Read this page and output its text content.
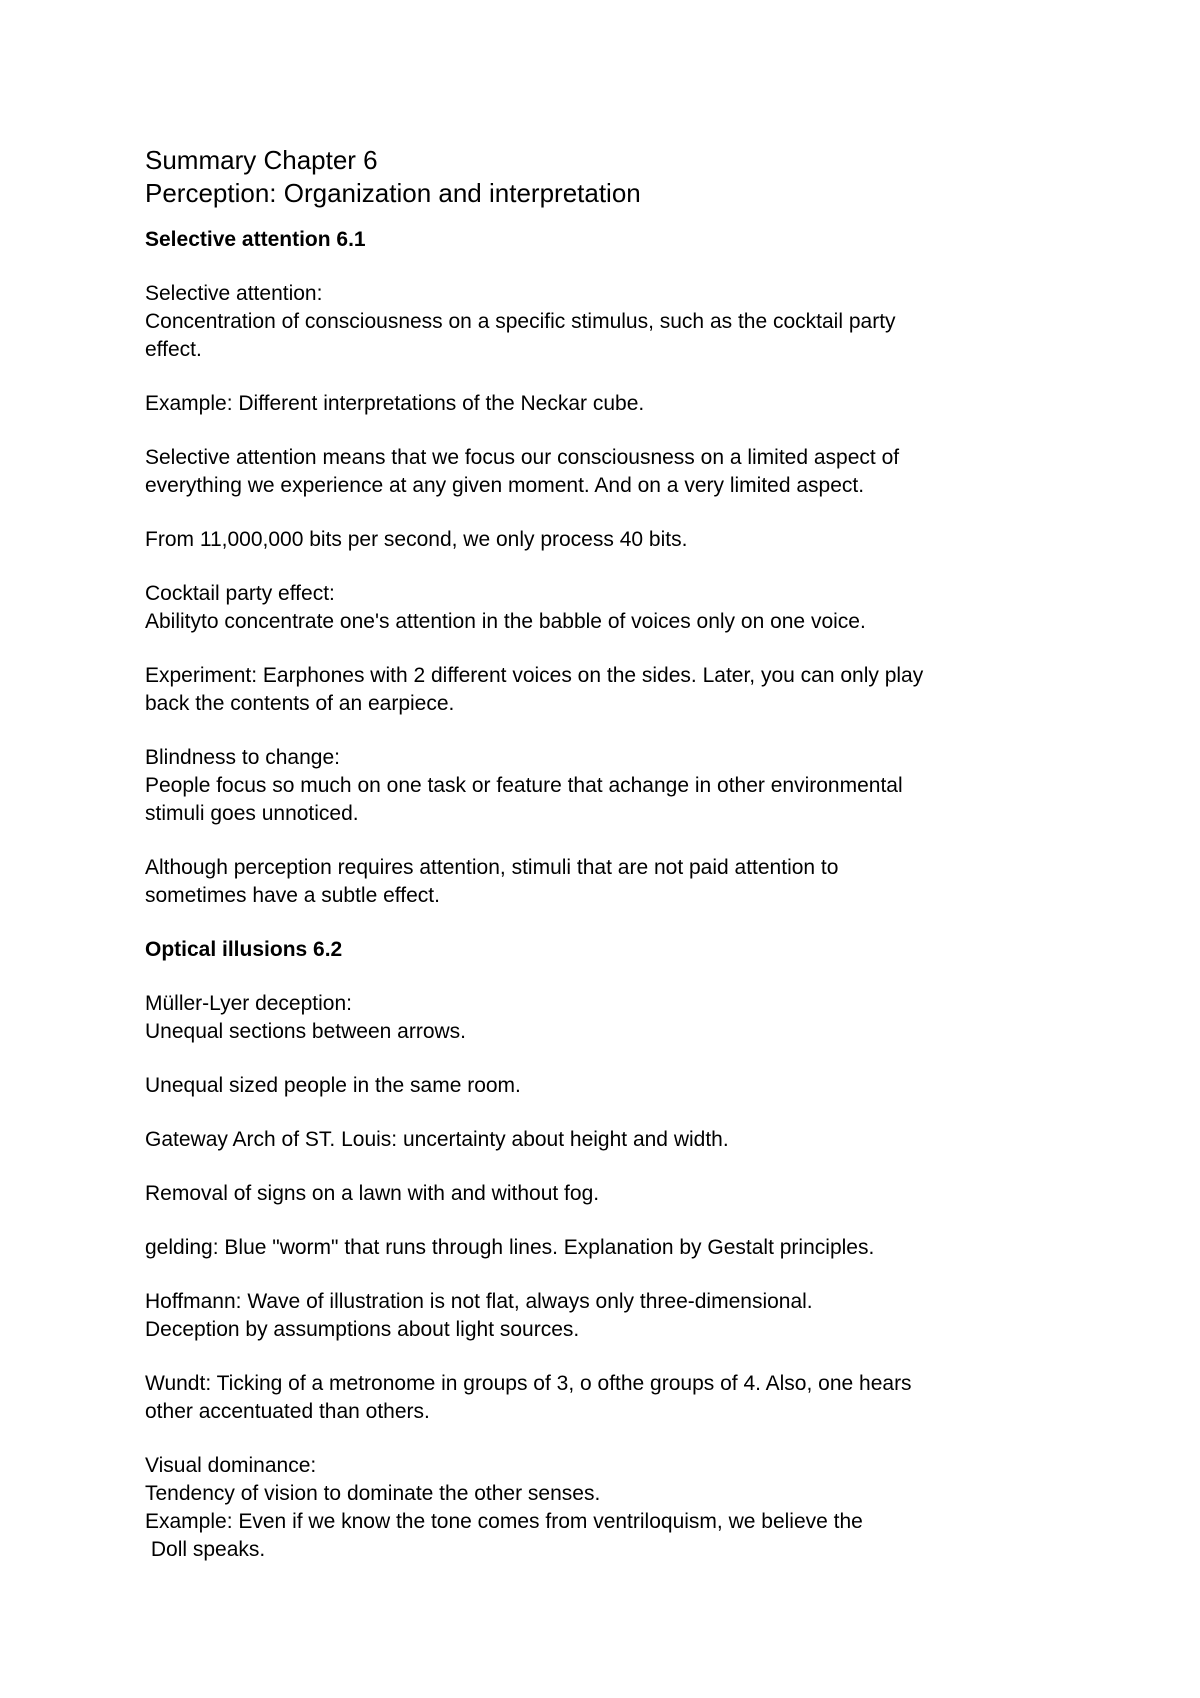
Summary Chapter 6
Perception: Organization and interpretation
Selective attention 6.1
Selective attention:
Concentration of consciousness on a specific stimulus, such as the cocktail party
effect.
Example: Different interpretations of the Neckar cube.
Selective attention means that we focus our consciousness on a limited aspect of
everything we experience at any given moment. And on a very limited aspect.
From 11,000,000 bits per second, we only process 40 bits.
Cocktail party effect:
Abilityto concentrate one's attention in the babble of voices only on one voice.
Experiment: Earphones with 2 different voices on the sides. Later, you can only play
back the contents of an earpiece.
Blindness to change:
People focus so much on one task or feature that achange in other environmental
stimuli goes unnoticed.
Although perception requires attention, stimuli that are not paid attention to
sometimes have a subtle effect.
Optical illusions 6.2
Müller-Lyer deception:
Unequal sections between arrows.
Unequal sized people in the same room.
Gateway Arch of ST. Louis: uncertainty about height and width.
Removal of signs on a lawn with and without fog.
gelding: Blue "worm" that runs through lines. Explanation by Gestalt principles.
Hoffmann: Wave of illustration is not flat, always only three-dimensional.
Deception by assumptions about light sources.
Wundt: Ticking of a metronome in groups of 3, o ofthe groups of 4. Also, one hears
other accentuated than others.
Visual dominance:
Tendency of vision to dominate the other senses.
Example: Even if we know the tone comes from ventriloquism, we believe the
Doll speaks.
